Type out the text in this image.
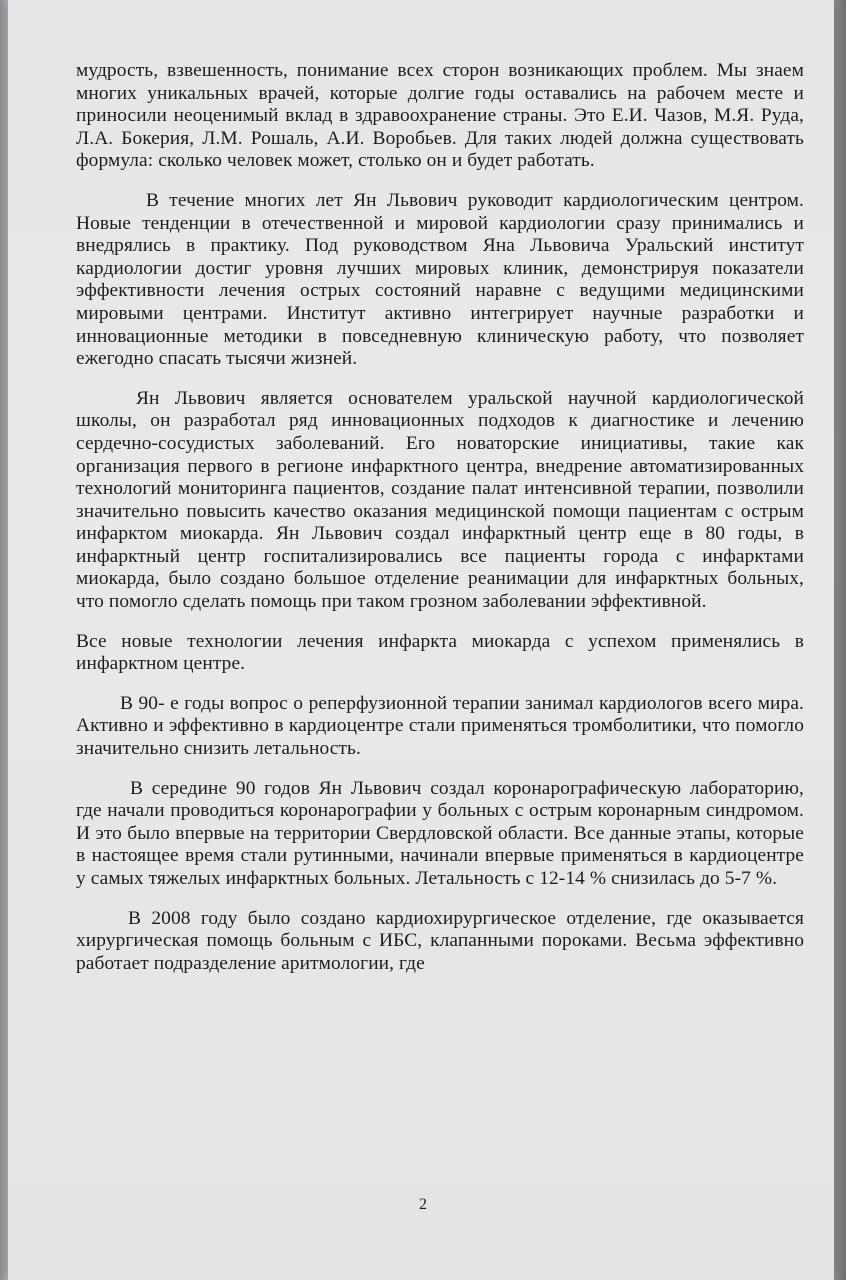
мудрость, взвешенность, понимание всех сторон возникающих проблем. Мы знаем многих уникальных врачей, которые долгие годы оставались на рабочем месте и приносили неоценимый вклад в здравоохранение страны. Это Е.И. Чазов, М.Я. Руда, Л.А. Бокерия, Л.М. Рошаль, А.И. Воробьев. Для таких людей должна существовать формула: сколько человек может, столько он и будет работать.

В течение многих лет Ян Львович руководит кардиологическим центром. Новые тенденции в отечественной и мировой кардиологии сразу принимались и внедрялись в практику. Под руководством Яна Львовича Уральский институт кардиологии достиг уровня лучших мировых клиник, демонстрируя показатели эффективности лечения острых состояний наравне с ведущими медицинскими мировыми центрами. Институт активно интегрирует научные разработки и инновационные методики в повседневную клиническую работу, что позволяет ежегодно спасать тысячи жизней.

Ян Львович является основателем уральской научной кардиологической школы, он разработал ряд инновационных подходов к диагностике и лечению сердечно-сосудистых заболеваний. Его новаторские инициативы, такие как организация первого в регионе инфарктного центра, внедрение автоматизированных технологий мониторинга пациентов, создание палат интенсивной терапии, позволили значительно повысить качество оказания медицинской помощи пациентам с острым инфарктом миокарда. Ян Львович создал инфарктный центр еще в 80 годы, в инфарктный центр госпитализировались все пациенты города с инфарктами миокарда, было создано большое отделение реанимации для инфарктных больных, что помогло сделать помощь при таком грозном заболевании эффективной.

Все новые технологии лечения инфаркта миокарда с успехом применялись в инфарктном центре.

В 90- е годы вопрос о реперфузионной терапии занимал кардиологов всего мира. Активно и эффективно в кардиоцентре стали применяться тромболитики, что помогло значительно снизить летальность.

В середине 90 годов Ян Львович создал коронарографическую лабораторию, где начали проводиться коронарографии у больных с острым коронарным синдромом. И это было впервые на территории Свердловской области. Все данные этапы, которые в настоящее время стали рутинными, начинали впервые применяться в кардиоцентре у самых тяжелых инфарктных больных. Летальность с 12-14 % снизилась до 5-7 %.

В 2008 году было создано кардиохирургическое отделение, где оказывается хирургическая помощь больным с ИБС, клапанными пороками. Весьма эффективно работает подразделение аритмологии, где

2
